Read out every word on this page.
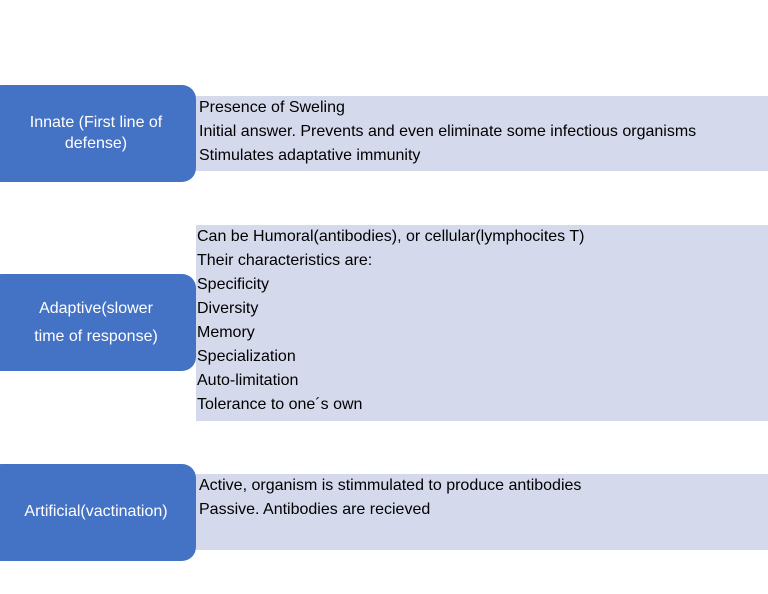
Innate (First line of defense)
Presence of Sweling
Initial answer. Prevents and even eliminate some infectious organisms
Stimulates adaptative immunity
Adaptive(slower
time of response)
Can be Humoral(antibodies), or cellular(lymphocites T)
Their characteristics are:
Specificity
Diversity
Memory
Specialization
Auto-limitation
Tolerance to one´s own
Artificial(vactination)
Active, organism is stimmulated to produce antibodies
Passive. Antibodies are recieved
